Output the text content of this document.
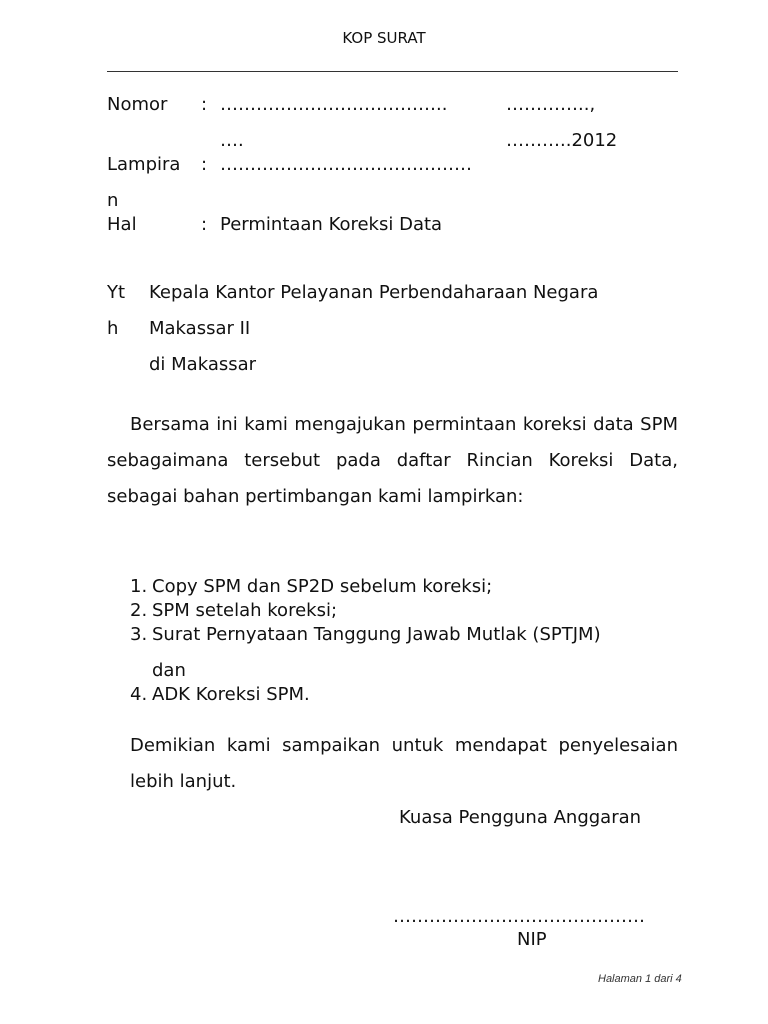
KOP SURAT
Nomor : ………………………………..	…………..,
….	………..2012
Lampira : ……………………………………
n
Hal	: Permintaan Koreksi Data
Yt Kepala Kantor Pelayanan Perbendaharaan Negara
h Makassar II
di Makassar
Bersama ini kami mengajukan permintaan koreksi data SPM sebagaimana tersebut pada daftar Rincian Koreksi Data, sebagai bahan pertimbangan kami lampirkan:
1. Copy SPM dan SP2D sebelum koreksi;
2. SPM setelah koreksi;
3. Surat Pernyataan Tanggung Jawab Mutlak (SPTJM)
dan
4. ADK Koreksi SPM.
Demikian kami sampaikan untuk mendapat penyelesaian lebih lanjut.
Kuasa Pengguna Anggaran
……………………………………
NIP
Halaman 1 dari 4
